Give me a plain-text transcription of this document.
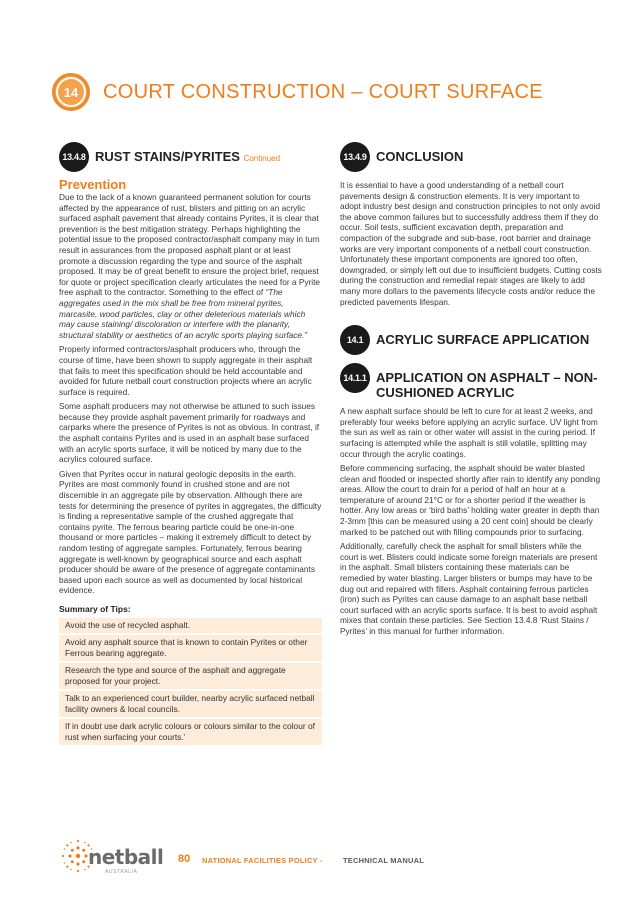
14	COURT CONSTRUCTION – COURT SURFACE
13.4.8 RUST STAINS/PYRITES Continued
Prevention

Due to the lack of a known guaranteed permanent solution for courts affected by the appearance of rust, blisters and pitting on an acrylic surfaced asphalt pavement that already contains Pyrites, it is clear that prevention is the best mitigation strategy. Perhaps highlighting the potential issue to the proposed contractor/asphalt company may in turn result in assurances from the proposed asphalt plant or at least promote a discussion regarding the type and source of the asphalt proposed. It may be of great benefit to ensure the project brief, request for quote or project specification clearly articulates the need for a Pyrite free asphalt to the contractor. Something to the effect of “The aggregates used in the mix shall be free from mineral pyrites, marcasite, wood particles, clay or other deleterious materials which may cause staining/ discoloration or interfere with the planarity, structural stability or aesthetics of an acrylic sports playing surface.”

Properly informed contractors/asphalt producers who, through the course of time, have been shown to supply aggregate in their asphalt that fails to meet this specification should be held accountable and avoided for future netball court construction projects where an acrylic surface is required.

Some asphalt producers may not otherwise be attuned to such issues because they provide asphalt pavement primarily for roadways and carparks where the presence of Pyrites is not as obvious. In contrast, if the asphalt contains Pyrites and is used in an asphalt base surfaced with an acrylic sports surface, it will be noticed by many due to the acrylics coloured surface.

Given that Pyrites occur in natural geologic deposits in the earth. Pyrites are most commonly found in crushed stone and are not discernible in an aggregate pile by observation. Although there are tests for determining the presence of pyrites in aggregates, the difficulty is finding a representative sample of the crushed aggregate that contains pyrite. The ferrous bearing particle could be one-in-one thousand or more particles – making it extremely difficult to detect by random testing of aggregate samples. Fortunately, ferrous bearing aggregate is well-known by geographical source and each asphalt producer should be aware of the presence of aggregate contaminants based upon each source as well as documented by local historical evidence.

Summary of Tips:
Avoid the use of recycled asphalt.
Avoid any asphalt source that is known to contain Pyrites or other Ferrous bearing aggregate.
Research the type and source of the asphalt and aggregate proposed for your project.
Talk to an experienced court builder, nearby acrylic surfaced netball facility owners & local councils.
If in doubt use dark acrylic colours or colours similar to the colour of rust when surfacing your courts.’
13.4.9 CONCLUSION

It is essential to have a good understanding of a netball court pavements design & construction elements. It is very important to adopt industry best design and construction principles to not only avoid the above common failures but to successfully address them if they do occur. Soil tests, sufficient excavation depth, preparation and compaction of the subgrade and sub-base, root barrier and drainage works are very important components of a netball court construction. Unfortunately these important components are ignored too often, downgraded, or simply left out due to insufficient budgets. Cutting costs during the construction and remedial repair stages are likely to add many more dollars to the pavements lifecycle costs and/or reduce the predicted pavements lifespan.

14.1 ACRYLIC SURFACE APPLICATION
14.1.1 APPLICATION ON ASPHALT – NON-CUSHIONED ACRYLIC

A new asphalt surface should be left to cure for at least 2 weeks, and preferably four weeks before applying an acrylic surface. UV light from the sun as well as rain or other water will assist in the curing period. If surfacing is attempted while the asphalt is still volatile, splitting may occur through the acrylic coatings.

Before commencing surfacing, the asphalt should be water blasted clean and flooded or inspected shortly after rain to identify any ponding areas. Allow the court to drain for a period of half an hour at a temperature of around 21°C or for a shorter period if the weather is hotter. Any low areas or ‘bird baths’ holding water greater in depth than 2-3mm [this can be measured using a 20 cent coin] should be clearly marked to be patched out with filling compounds prior to surfacing.

Additionally, carefully check the asphalt for small blisters while the court is wet. Blisters could indicate some foreign materials are present in the asphalt. Small blisters containing these materials can be remedied by water blasting. Larger blisters or bumps may have to be dug out and repaired with fillers. Asphalt containing ferrous particles (iron) such as Pyrites can cause damage to an asphalt base netball court surfaced with an acrylic sports surface. It is best to avoid asphalt mixes that contain these particles. See Section 13.4.8 ‘Rust Stains / Pyrites’ in this manual for further information.

netball
AUSTRALIA
80 NATIONAL FACILITIES POLICY -	TECHNICAL MANUAL
